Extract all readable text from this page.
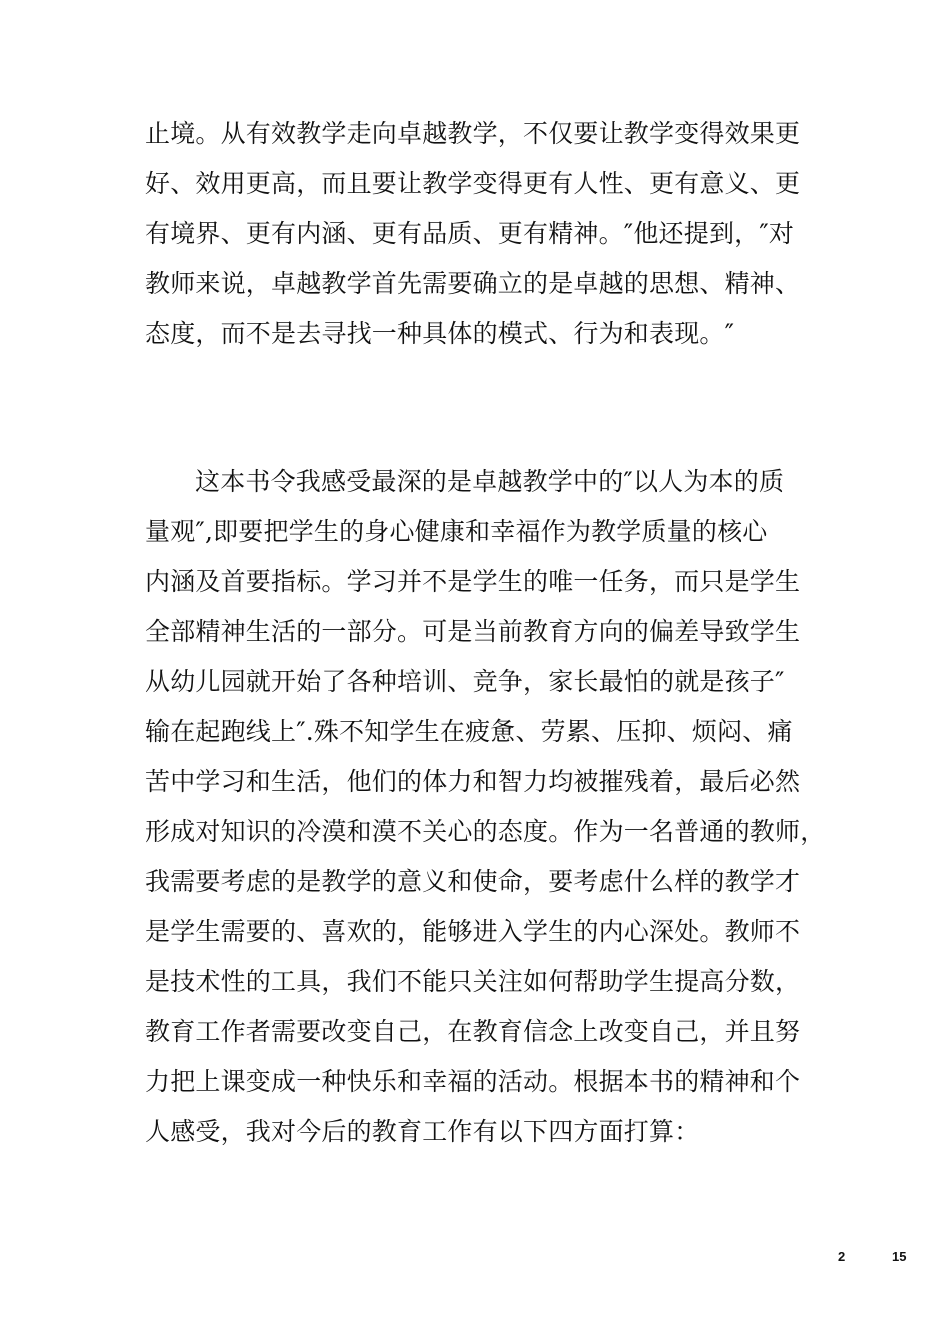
止境。从有效教学走向卓越教学，不仅要让教学变得效果更
好、效用更高，而且要让教学变得更有人性、更有意义、更
有境界、更有内涵、更有品质、更有精神。″他还提到，″对
教师来说，卓越教学首先需要确立的是卓越的思想、精神、
态度，而不是去寻找一种具体的模式、行为和表现。″
这本书令我感受最深的是卓越教学中的″以人为本的质
量观″,即要把学生的身心健康和幸福作为教学质量的核心
内涵及首要指标。学习并不是学生的唯一任务，而只是学生
全部精神生活的一部分。可是当前教育方向的偏差导致学生
从幼儿园就开始了各种培训、竞争，家长最怕的就是孩子″
输在起跑线上″.殊不知学生在疲惫、劳累、压抑、烦闷、痛
苦中学习和生活，他们的体力和智力均被摧残着，最后必然
形成对知识的冷漠和漠不关心的态度。作为一名普通的教师，
我需要考虑的是教学的意义和使命，要考虑什么样的教学才
是学生需要的、喜欢的，能够进入学生的内心深处。教师不
是技术性的工具，我们不能只关注如何帮助学生提高分数，
教育工作者需要改变自己，在教育信念上改变自己，并且努
力把上课变成一种快乐和幸福的活动。根据本书的精神和个
人感受，我对今后的教育工作有以下四方面打算：
2	15
